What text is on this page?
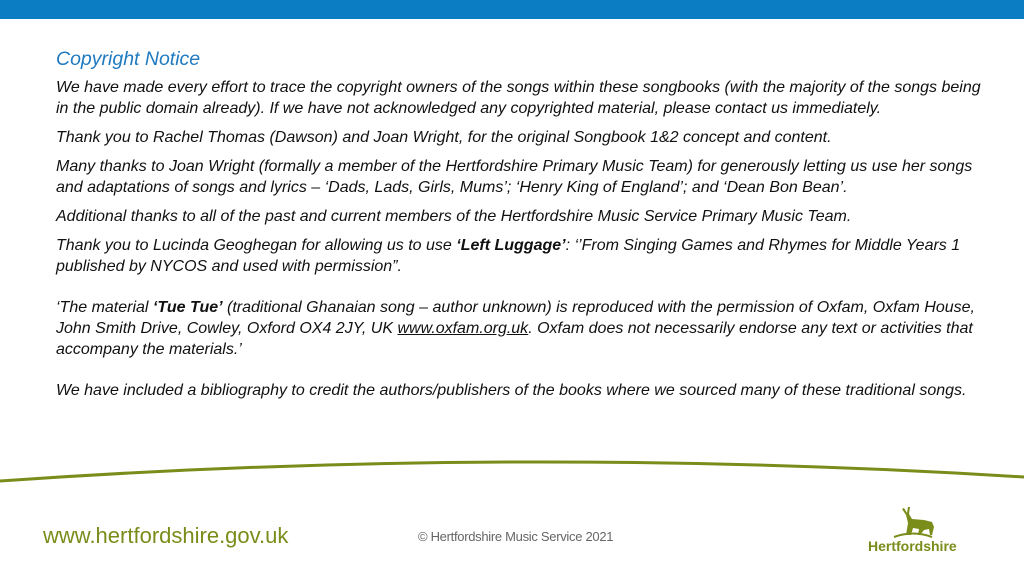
Copyright Notice

We have made every effort to trace the copyright owners of the songs within these songbooks (with the majority of the songs being in the public domain already). If we have not acknowledged any copyrighted material, please contact us immediately.

Thank you to Rachel Thomas (Dawson) and Joan Wright, for the original Songbook 1&2 concept and content.

Many thanks to Joan Wright (formally a member of the Hertfordshire Primary Music Team) for generously letting us use her songs and adaptations of songs and lyrics – ‘Dads, Lads, Girls, Mums’; ‘Henry King of England’; and ‘Dean Bon Bean’.

Additional thanks to all of the past and current members of the Hertfordshire Music Service Primary Music Team.

Thank you to Lucinda Geoghegan for allowing us to use ‘Left Luggage’: ‘’From Singing Games and Rhymes for Middle Years 1 published by NYCOS and used with permission”.

‘The material ‘Tue Tue’ (traditional Ghanaian song – author unknown) is reproduced with the permission of Oxfam, Oxfam House, John Smith Drive, Cowley, Oxford OX4 2JY, UK www.oxfam.org.uk. Oxfam does not necessarily endorse any text or activities that accompany the materials.’

We have included a bibliography to credit the authors/publishers of the books where we sourced many of these traditional songs.

www.hertfordshire.gov.uk	© Hertfordshire Music Service 2021
Hertfordshire
